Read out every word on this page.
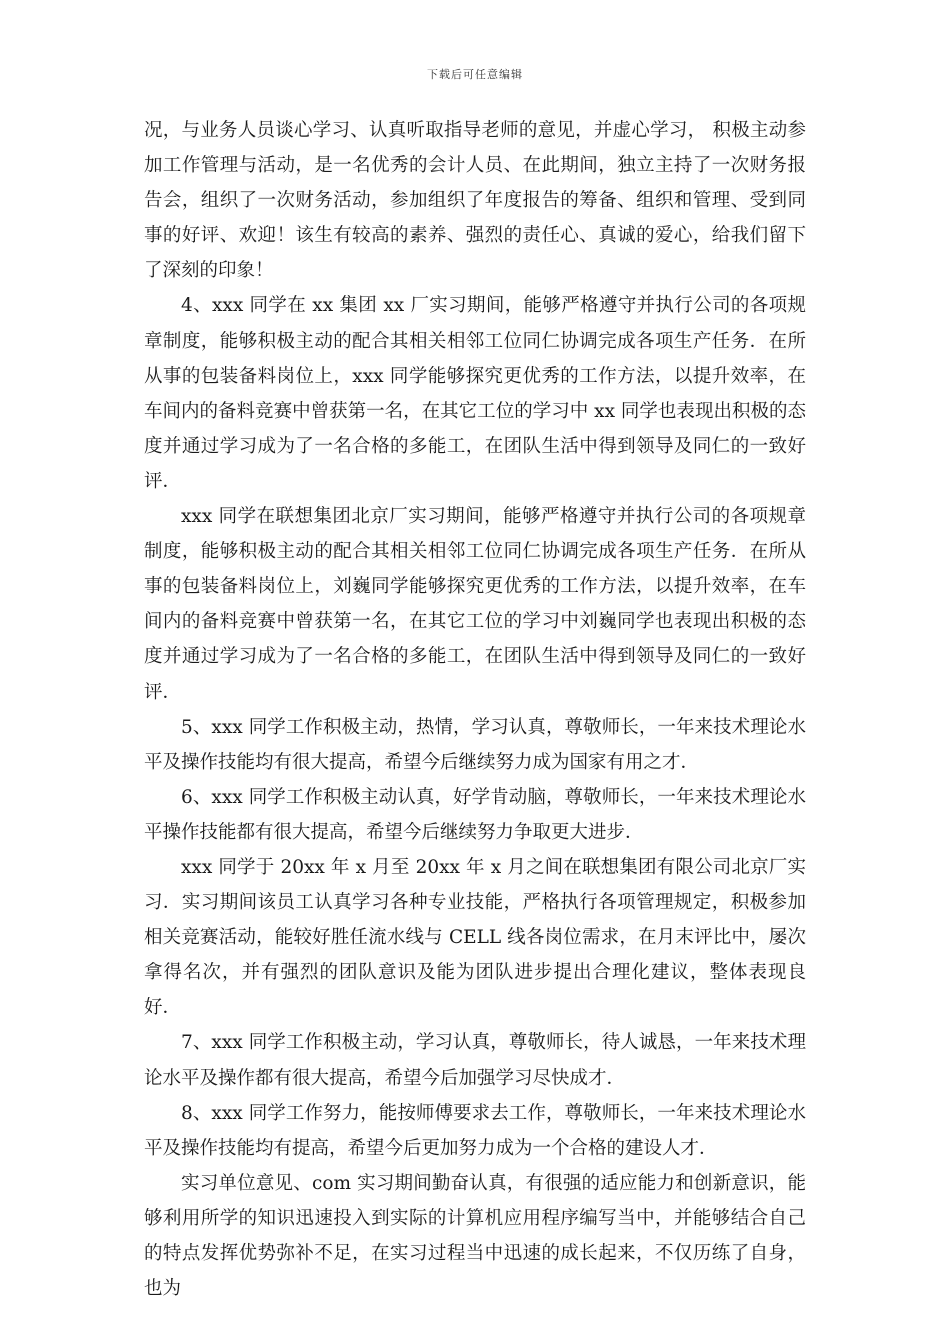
下载后可任意编辑

况，与业务人员谈心学习、认真听取指导老师的意见，并虚心学习， 积极主动参加工作管理与活动，是一名优秀的会计人员、在此期间，独立主持了一次财务报告会，组织了一次财务活动，参加组织了年度报告的筹备、组织和管理、受到同事的好评、欢迎！该生有较高的素养、强烈的责任心、真诚的爱心，给我们留下了深刻的印象！

4、xxx 同学在 xx 集团 xx 厂实习期间，能够严格遵守并执行公司的各项规章制度，能够积极主动的配合其相关相邻工位同仁协调完成各项生产任务．在所从事的包装备料岗位上，xxx 同学能够探究更优秀的工作方法，以提升效率，在车间内的备料竞赛中曾获第一名，在其它工位的学习中 xx 同学也表现出积极的态度并通过学习成为了一名合格的多能工，在团队生活中得到领导及同仁的一致好评．

xxx 同学在联想集团北京厂实习期间，能够严格遵守并执行公司的各项规章制度，能够积极主动的配合其相关相邻工位同仁协调完成各项生产任务．在所从事的包装备料岗位上，刘巍同学能够探究更优秀的工作方法，以提升效率，在车间内的备料竞赛中曾获第一名，在其它工位的学习中刘巍同学也表现出积极的态度并通过学习成为了一名合格的多能工，在团队生活中得到领导及同仁的一致好评．

5、xxx 同学工作积极主动，热情，学习认真，尊敬师长，一年来技术理论水平及操作技能均有很大提高，希望今后继续努力成为国家有用之才．

6、xxx 同学工作积极主动认真，好学肯动脑，尊敬师长，一年来技术理论水平操作技能都有很大提高，希望今后继续努力争取更大进步．

xxx 同学于 20xx 年 x 月至 20xx 年 x 月之间在联想集团有限公司北京厂实习．实习期间该员工认真学习各种专业技能，严格执行各项管理规定，积极参加相关竞赛活动，能较好胜任流水线与 CELL 线各岗位需求，在月末评比中，屡次拿得名次，并有强烈的团队意识及能为团队进步提出合理化建议，整体表现良好．

7、xxx 同学工作积极主动，学习认真，尊敬师长，待人诚恳，一年来技术理论水平及操作都有很大提高，希望今后加强学习尽快成才．

8、xxx 同学工作努力，能按师傅要求去工作，尊敬师长，一年来技术理论水平及操作技能均有提高，希望今后更加努力成为一个合格的建设人才．

实习单位意见、com 实习期间勤奋认真，有很强的适应能力和创新意识，能够利用所学的知识迅速投入到实际的计算机应用程序编写当中，并能够结合自己的特点发挥优势弥补不足，在实习过程当中迅速的成长起来，不仅历练了自身，也为
